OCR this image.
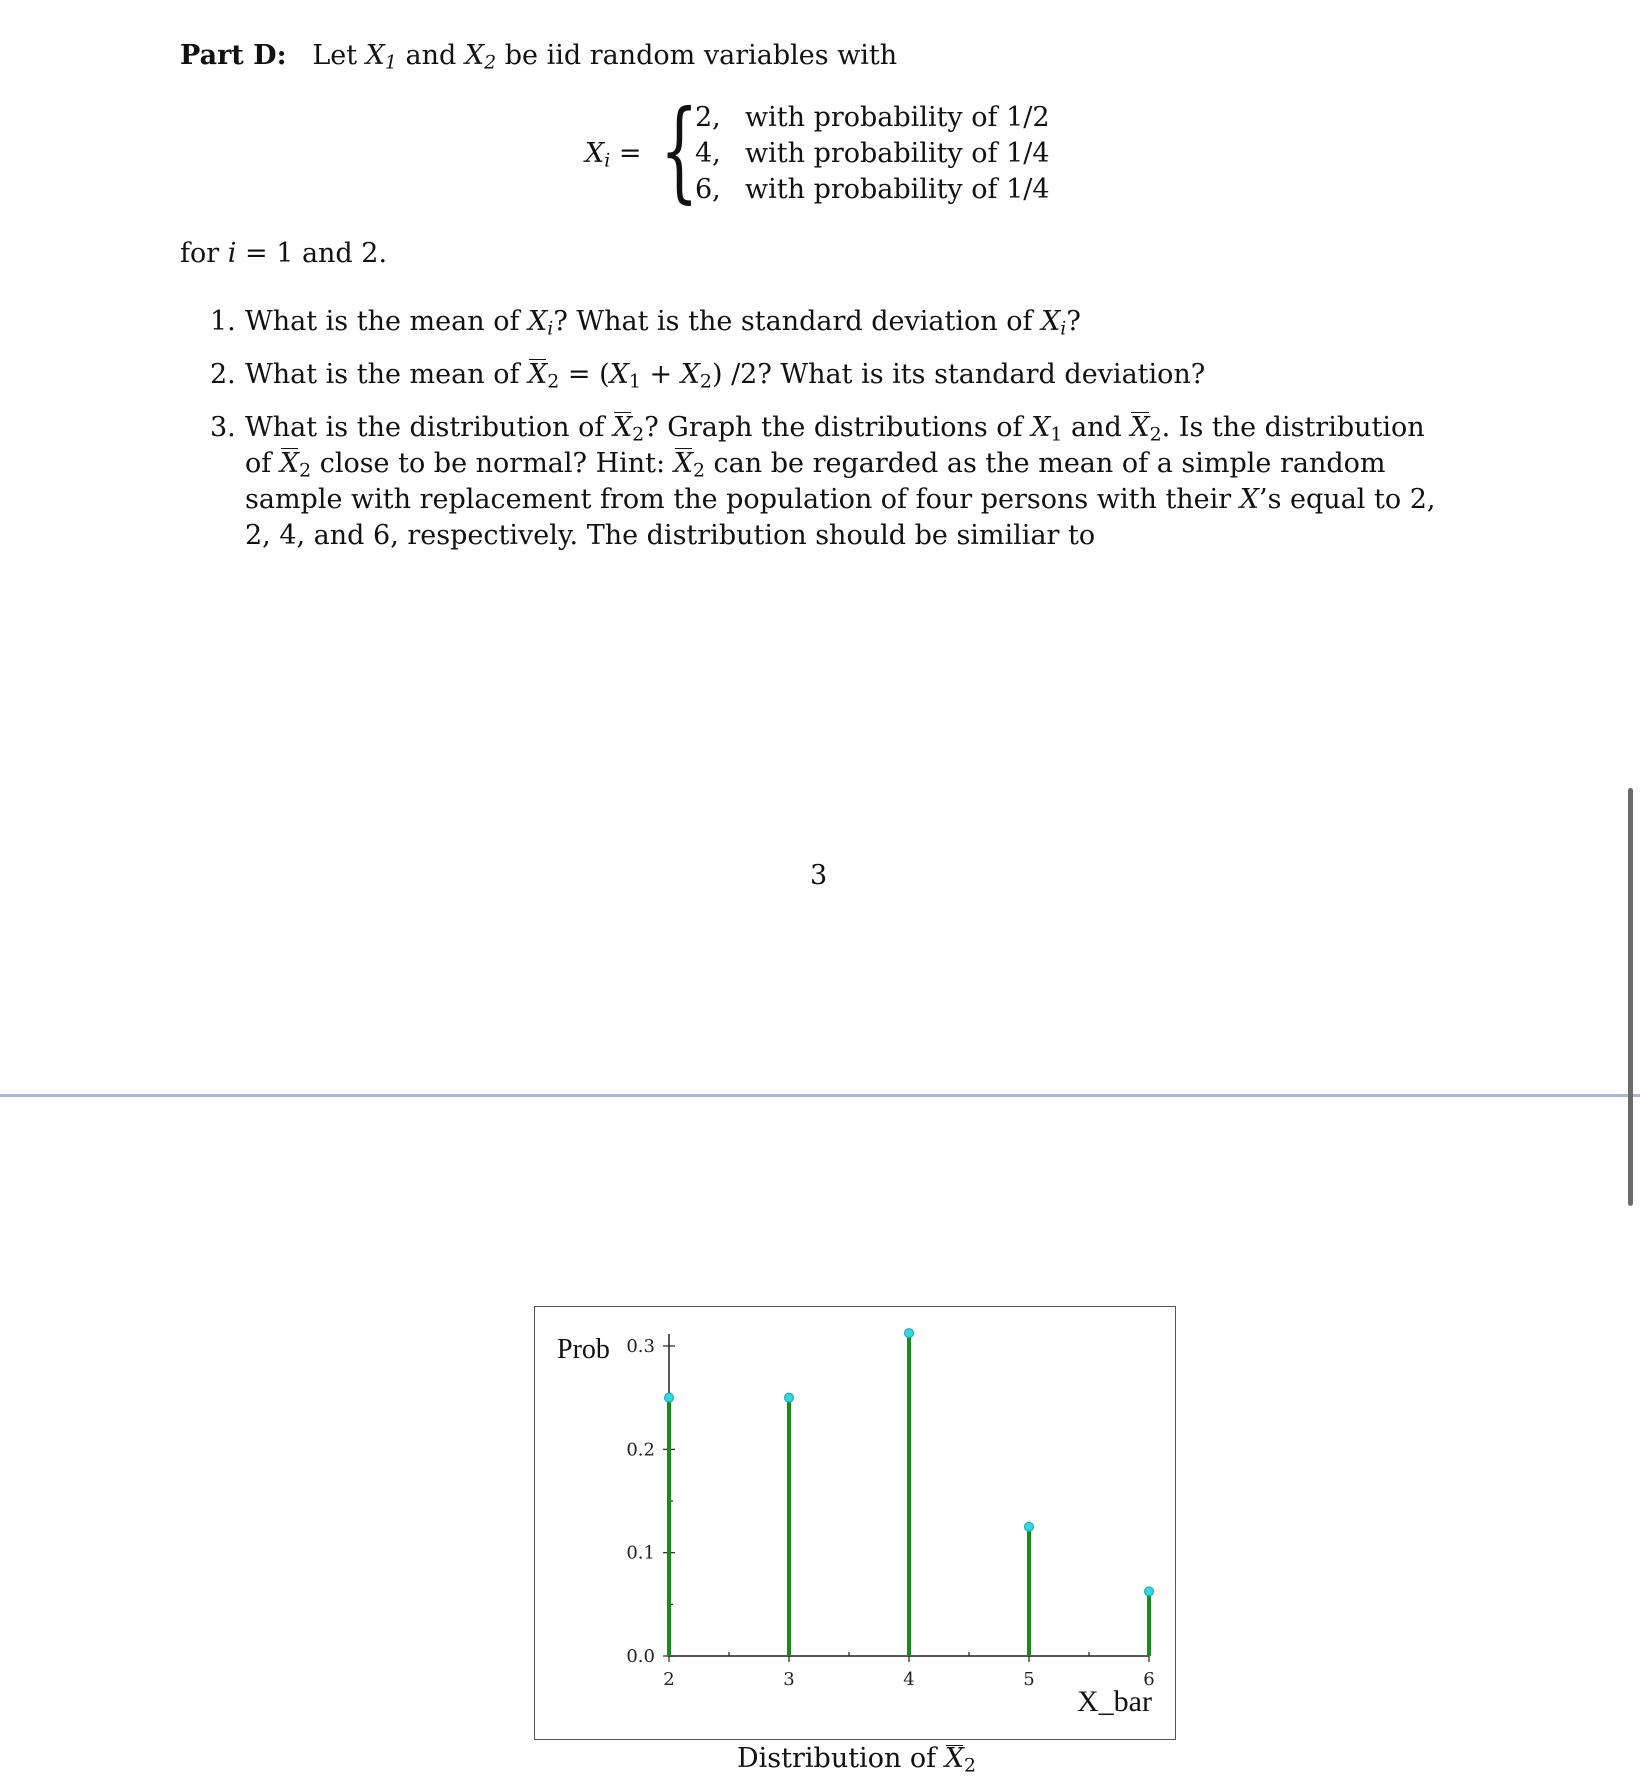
Part D: Let $X_1$ and $X_2$ be iid random variables with
$X_i$ = {
2, with probability of 1/2
4, with probability of 1/4
6, with probability of 1/4
for i = 1 and 2.
1. What is the mean of $X_i$? What is the standard deviation of $X_i$?
2. What is the mean of $X_2 = (X_1 + X_2)$ /2? What is its standard deviation?
3. What is the distribution of $X_2$? Graph the distributions of $X_1$ and $X_2$. Is the distribution of $X_2$ close to be normal? Hint: $X_2$ can be regarded as the mean of a simple random sample with replacement from the population of four persons with their X’s equal to 2, 2, 4, and 6, respectively. The distribution should be similiar to
3
2	3	4	5	6
0.0
0.1
0.2
0.3
Prob
X_bar
Distribution of $X_2$
